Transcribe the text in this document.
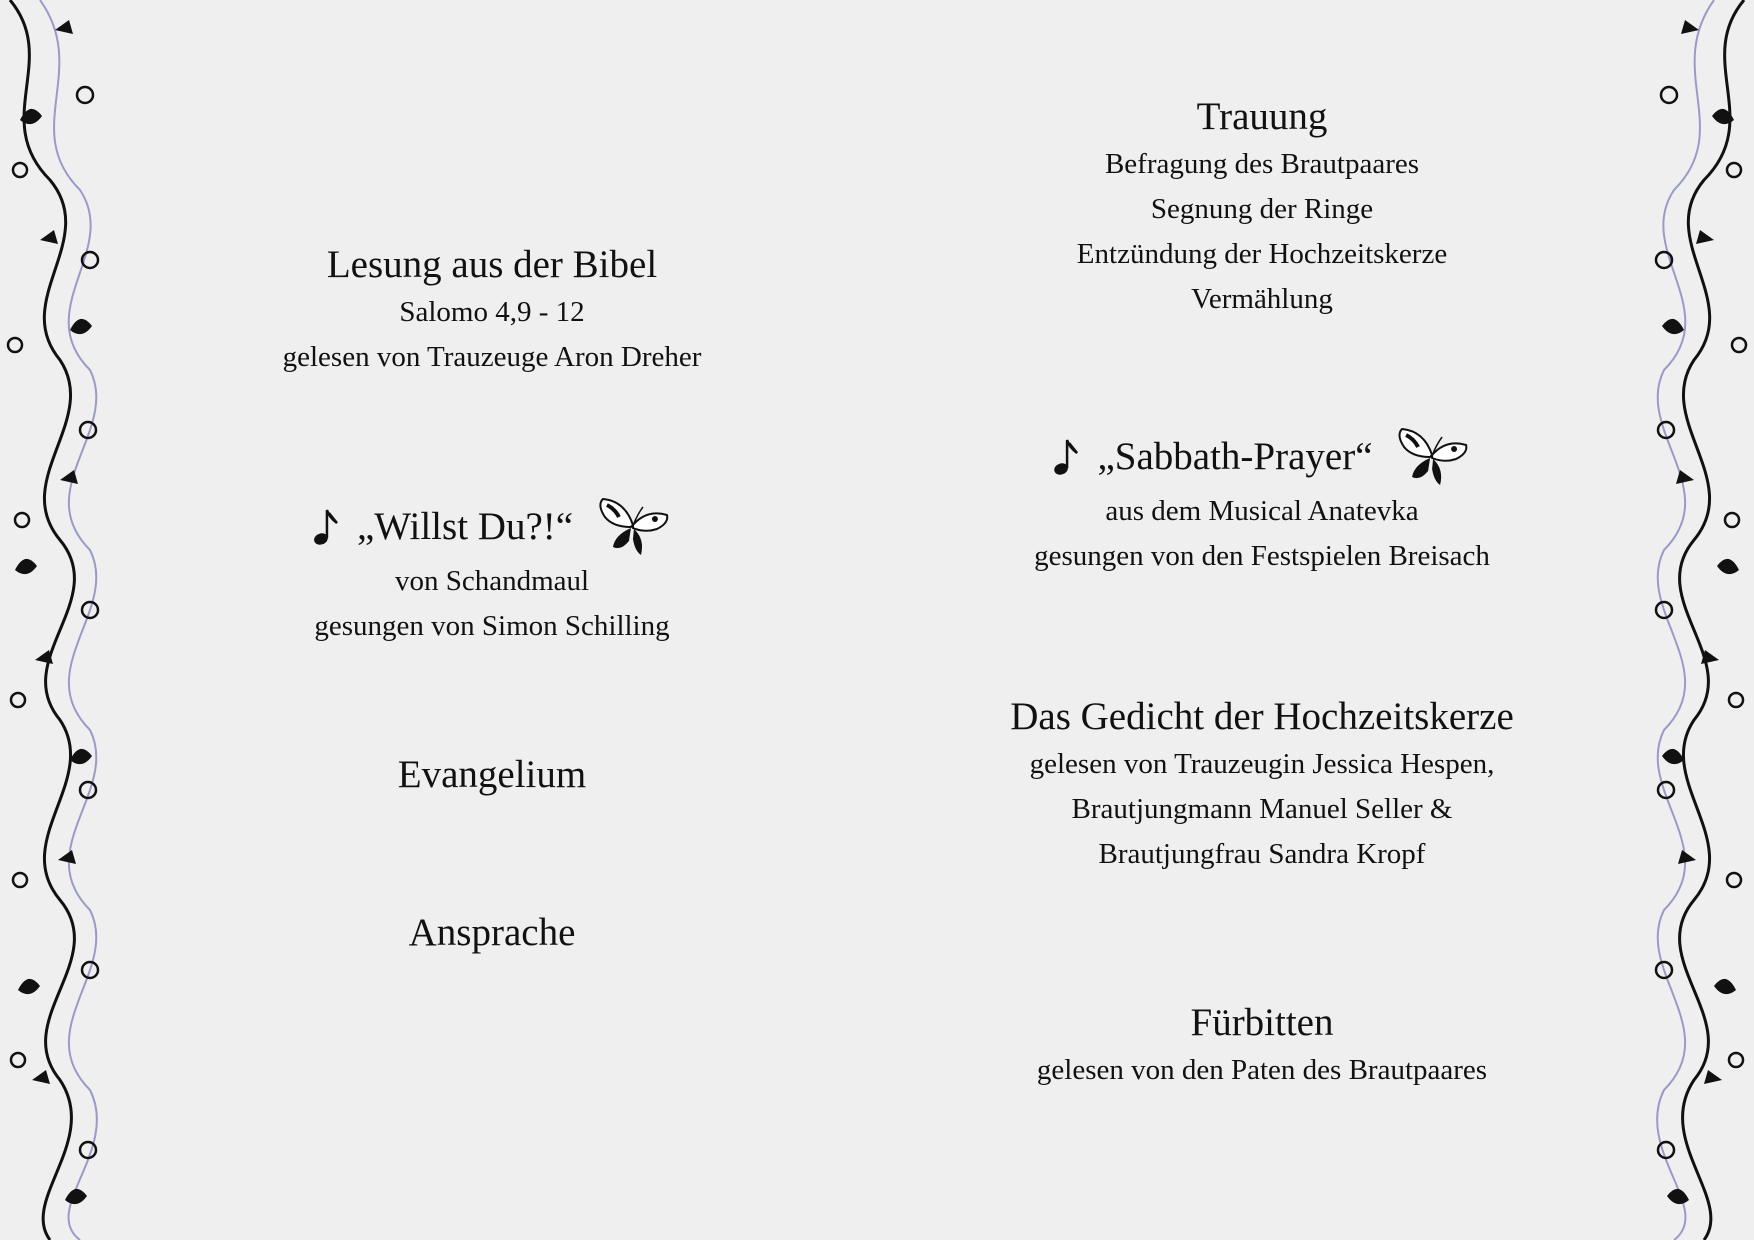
Lesung aus der Bibel
Salomo 4,9 - 12
gelesen von Trauzeuge Aron Dreher
„Willst Du?!“
von Schandmaul
gesungen von Simon Schilling
Evangelium
Ansprache
Trauung
Befragung des Brautpaares
Segnung der Ringe
Entzündung der Hochzeitskerze
Vermählung
„Sabbath-Prayer“
aus dem Musical Anatevka
gesungen von den Festspielen Breisach
Das Gedicht der Hochzeitskerze
gelesen von Trauzeugin Jessica Hespen,
Brautjungmann Manuel Seller &
Brautjungfrau Sandra Kropf
Fürbitten
gelesen von den Paten des Brautpaares
